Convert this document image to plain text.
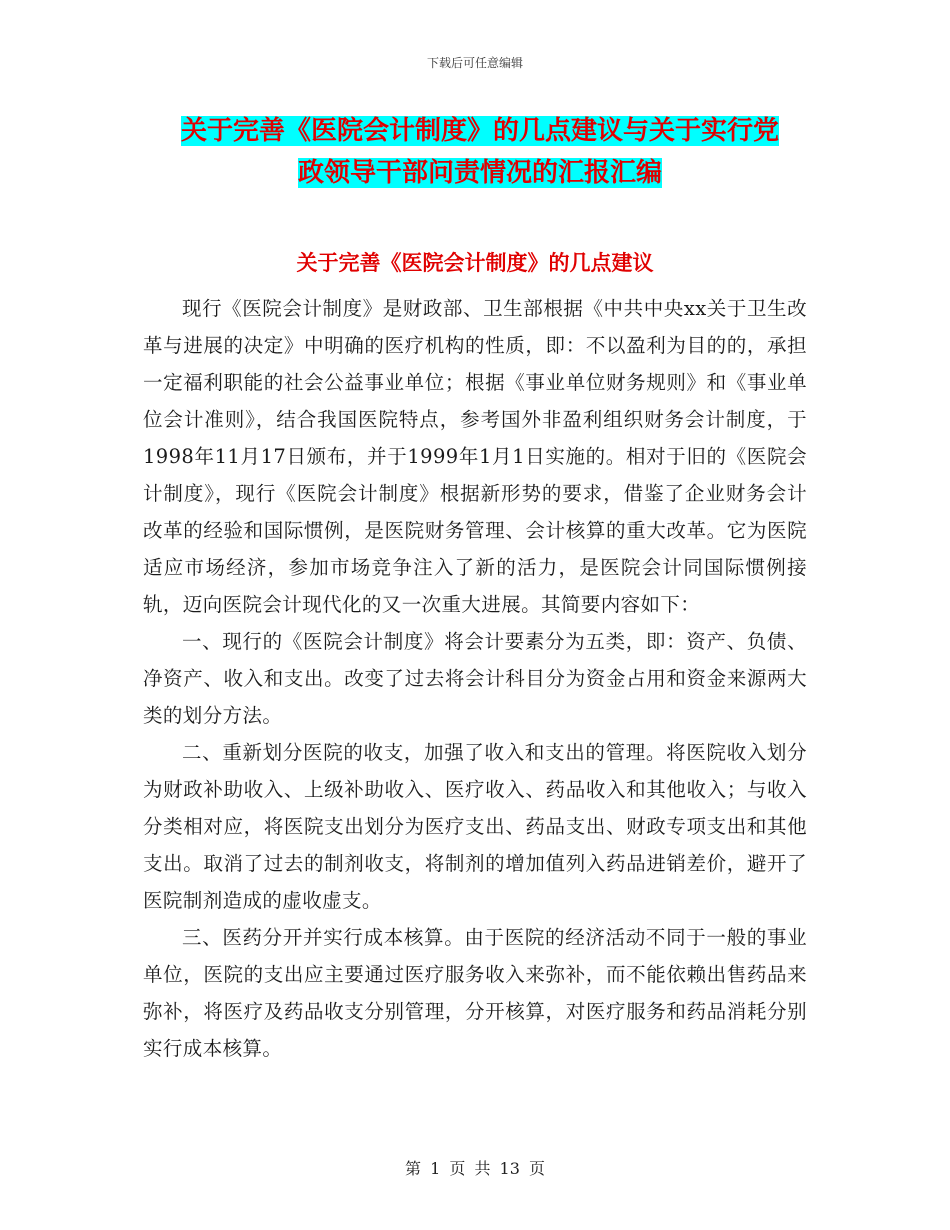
下载后可任意编辑
关于完善《医院会计制度》的几点建议与关于实行党
政领导干部问责情况的汇报汇编
关于完善《医院会计制度》的几点建议

现行《医院会计制度》是财政部、卫生部根据《中共中央xx关于卫生改革与进展的决定》中明确的医疗机构的性质，即：不以盈利为目的的，承担一定福利职能的社会公益事业单位；根据《事业单位财务规则》和《事业单位会计准则》，结合我国医院特点，参考国外非盈利组织财务会计制度，于1998年11月17日颁布，并于1999年1月1日实施的。相对于旧的《医院会计制度》，现行《医院会计制度》根据新形势的要求，借鉴了企业财务会计改革的经验和国际惯例，是医院财务管理、会计核算的重大改革。它为医院适应市场经济，参加市场竞争注入了新的活力，是医院会计同国际惯例接轨，迈向医院会计现代化的又一次重大进展。其简要内容如下：

一、现行的《医院会计制度》将会计要素分为五类，即：资产、负债、净资产、收入和支出。改变了过去将会计科目分为资金占用和资金来源两大类的划分方法。

二、重新划分医院的收支，加强了收入和支出的管理。将医院收入划分为财政补助收入、上级补助收入、医疗收入、药品收入和其他收入；与收入分类相对应，将医院支出划分为医疗支出、药品支出、财政专项支出和其他支出。取消了过去的制剂收支，将制剂的增加值列入药品进销差价，避开了医院制剂造成的虚收虚支。

三、医药分开并实行成本核算。由于医院的经济活动不同于一般的事业单位，医院的支出应主要通过医疗服务收入来弥补，而不能依赖出售药品来弥补，将医疗及药品收支分别管理，分开核算，对医疗服务和药品消耗分别实行成本核算。

第 1 页 共 13 页
